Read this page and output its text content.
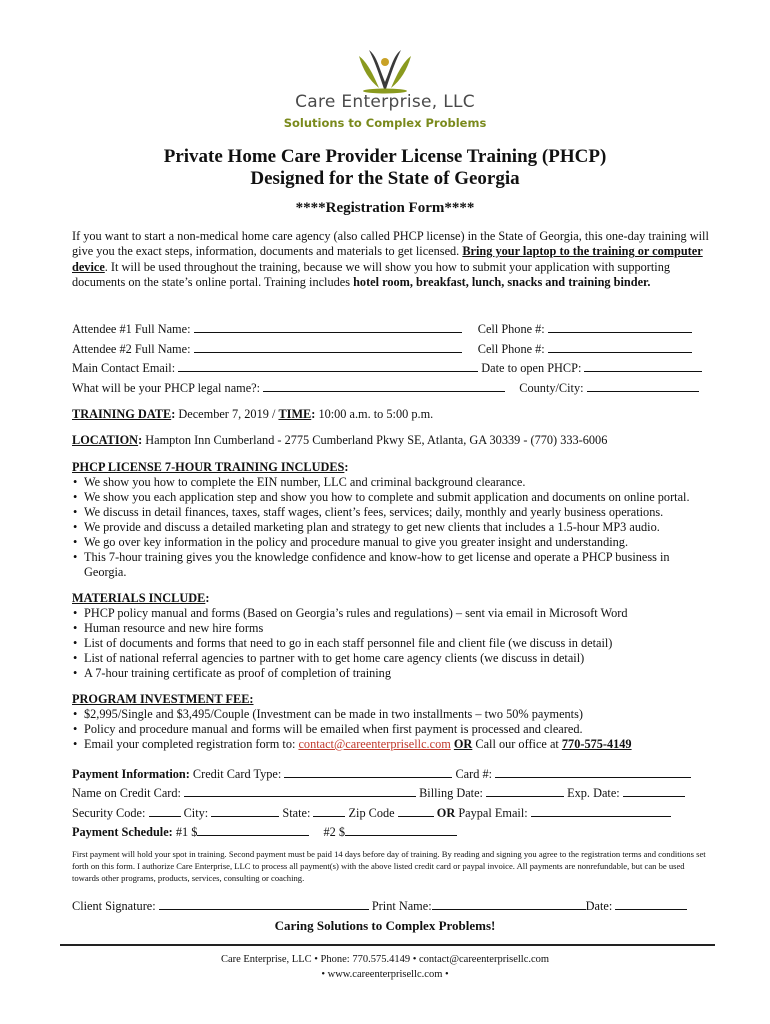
Care Enterprise, LLC
Solutions to Complex Problems
Private Home Care Provider License Training (PHCP)
Designed for the State of Georgia
****Registration Form****
If you want to start a non-medical home care agency (also called PHCP license) in the State of Georgia, this one-day training will give you the exact steps, information, documents and materials to get licensed. Bring your laptop to the training or computer device. It will be used throughout the training, because we will show you how to submit your application with supporting documents on the state’s online portal. Training includes hotel room, breakfast, lunch, snacks and training binder.
Attendee #1 Full Name:	Cell Phone #:
Attendee #2 Full Name:	Cell Phone #:
Main Contact Email:	Date to open PHCP:
What will be your PHCP legal name?:	County/City:
TRAINING DATE: December 7, 2019 / TIME: 10:00 a.m. to 5:00 p.m.
LOCATION: Hampton Inn Cumberland - 2775 Cumberland Pkwy SE, Atlanta, GA 30339 - (770) 333-6006
PHCP LICENSE 7-HOUR TRAINING INCLUDES:
• We show you how to complete the EIN number, LLC and criminal background clearance.
• We show you each application step and show you how to complete and submit application and documents on online portal.
• We discuss in detail finances, taxes, staff wages, client’s fees, services; daily, monthly and yearly business operations.
• We provide and discuss a detailed marketing plan and strategy to get new clients that includes a 1.5-hour MP3 audio.
• We go over key information in the policy and procedure manual to give you greater insight and understanding.
• This 7-hour training gives you the knowledge confidence and know-how to get license and operate a PHCP business in Georgia.
MATERIALS INCLUDE:
• PHCP policy manual and forms (Based on Georgia’s rules and regulations) – sent via email in Microsoft Word
• Human resource and new hire forms
• List of documents and forms that need to go in each staff personnel file and client file (we discuss in detail)
• List of national referral agencies to partner with to get home care agency clients (we discuss in detail)
• A 7-hour training certificate as proof of completion of training
PROGRAM INVESTMENT FEE:
• $2,995/Single and $3,495/Couple (Investment can be made in two installments – two 50% payments)
• Policy and procedure manual and forms will be emailed when first payment is processed and cleared.
• Email your completed registration form to: contact@careenterprisellc.com OR Call our office at 770-575-4149
Payment Information: Credit Card Type:	Card #:
Name on Credit Card:	Billing Date:	Exp. Date:
Security Code:	City:	State:	Zip Code	OR Paypal Email:
Payment Schedule: #1 $	#2 $
First payment will hold your spot in training. Second payment must be paid 14 days before day of training. By reading and signing you agree to the registration terms and conditions set forth on this form. I authorize Care Enterprise, LLC to process all payment(s) with the above listed credit card or paypal invoice. All payments are nonrefundable, but can be used towards other programs, products, services, consulting or coaching.
Client Signature:	Print Name:	Date:
Caring Solutions to Complex Problems!
Care Enterprise, LLC • Phone: 770.575.4149 • contact@careenterprisellc.com
• www.careenterprisellc.com •
